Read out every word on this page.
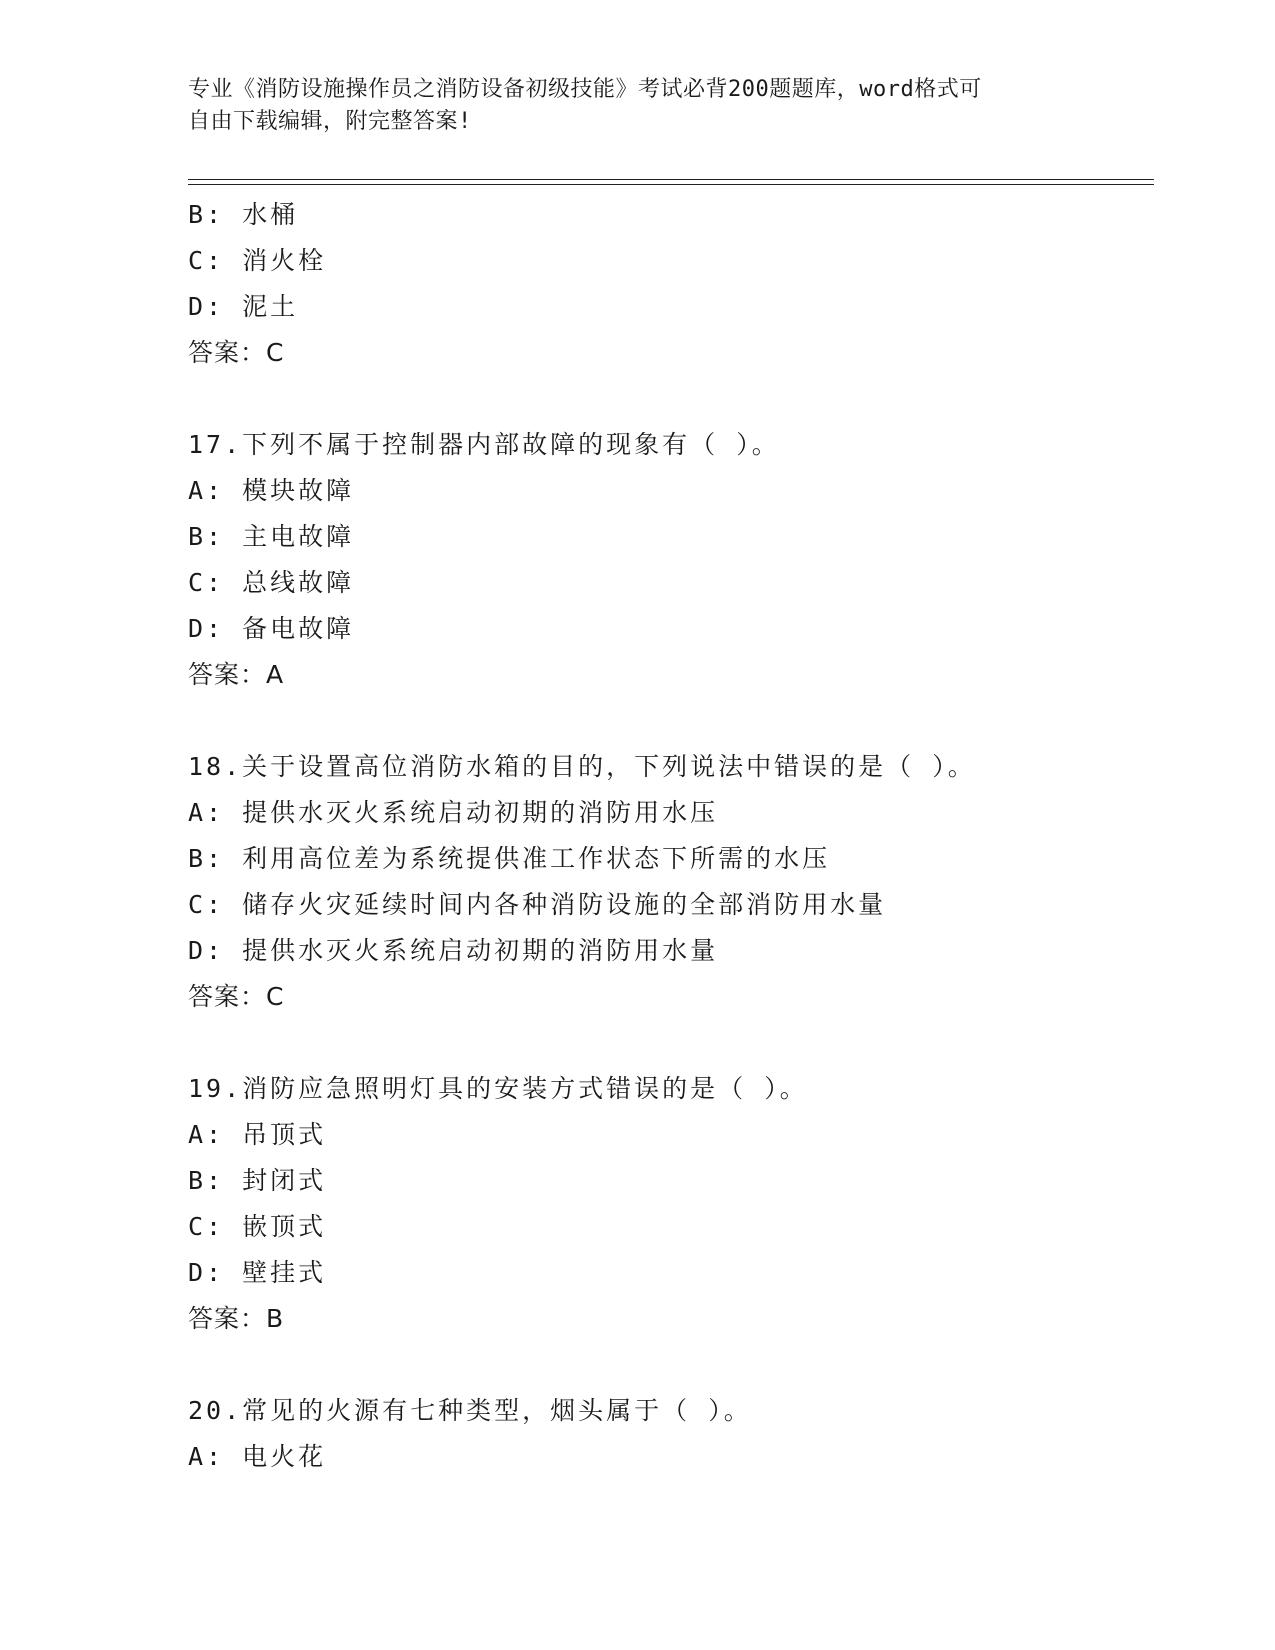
专业《消防设施操作员之消防设备初级技能》考试必背200题题库，word格式可
自由下载编辑，附完整答案!
B: 水桶
C: 消火栓
D: 泥土
答案：C
17.下列不属于控制器内部故障的现象有（ ）。
A: 模块故障
B: 主电故障
C: 总线故障
D: 备电故障
答案：A
18.关于设置高位消防水箱的目的，下列说法中错误的是（ ）。
A: 提供水灭火系统启动初期的消防用水压
B: 利用高位差为系统提供准工作状态下所需的水压
C: 储存火灾延续时间内各种消防设施的全部消防用水量
D: 提供水灭火系统启动初期的消防用水量
答案：C
19.消防应急照明灯具的安装方式错误的是（ ）。
A: 吊顶式
B: 封闭式
C: 嵌顶式
D: 壁挂式
答案：B
20.常见的火源有七种类型，烟头属于（ ）。
A: 电火花
